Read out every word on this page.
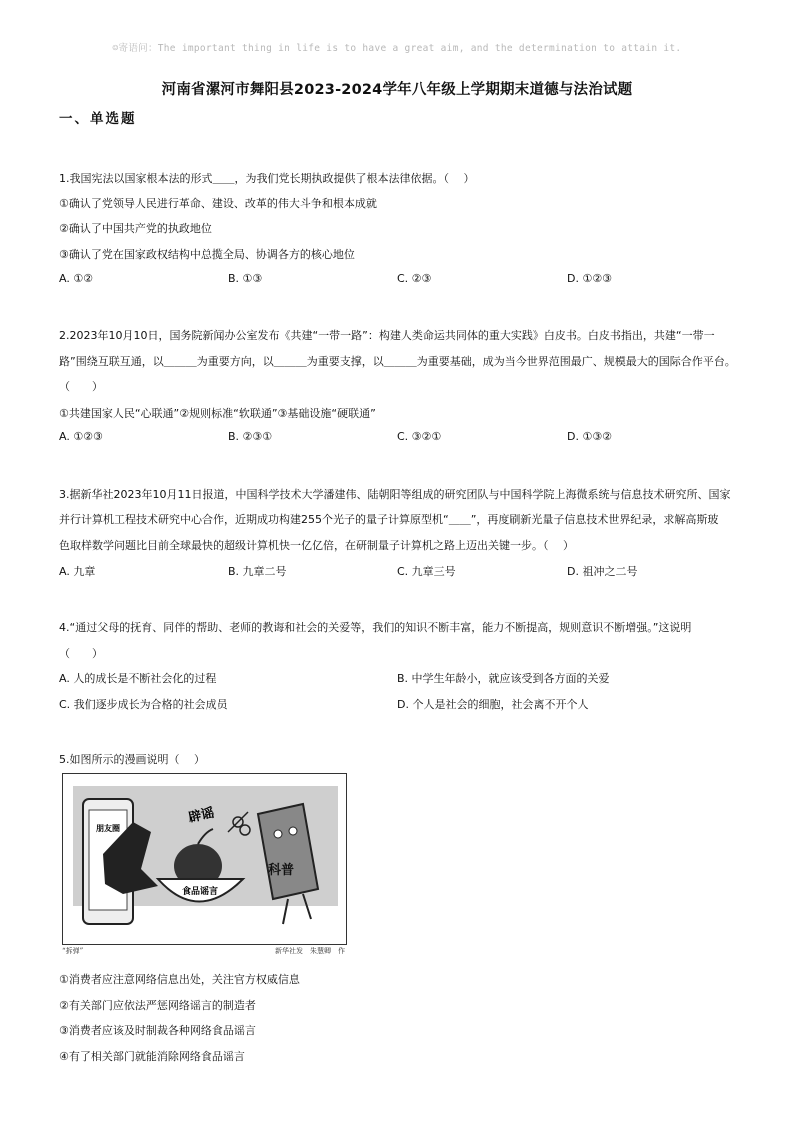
☺寄语问：The important thing in life is to have a great aim, and the determination to attain it.
河南省漯河市舞阳县2023-2024学年八年级上学期期末道德与法治试题
一、单选题
1.我国宪法以国家根本法的形式＿＿，为我们党长期执政提供了根本法律依据。（　 ）
①确认了党领导人民进行革命、建设、改革的伟大斗争和根本成就
②确认了中国共产党的执政地位
③确认了党在国家政权结构中总揽全局、协调各方的核心地位
A. ①②	B. ①③	C. ②③	D. ①②③
2.2023年10月10日，国务院新闻办公室发布《共建“一带一路”：构建人类命运共同体的重大实践》白皮书。白皮书指出，共建“一带一
路”围绕互联互通，以＿＿＿为重要方向，以＿＿＿为重要支撑，以＿＿＿为重要基础，成为当今世界范围最广、规模最大的国际合作平台。
（　　）
①共建国家人民“心联通”②规则标准“软联通”③基础设施“硬联通”
A. ①②③	B. ②③①	C. ③②①	D. ①③②
3.据新华社2023年10月11日报道，中国科学技术大学潘建伟、陆朝阳等组成的研究团队与中国科学院上海微系统与信息技术研究所、国家
并行计算机工程技术研究中心合作，近期成功构建255个光子的量子计算原型机“＿＿”，再度刷新光量子信息技术世界纪录，求解高斯玻
色取样数学问题比目前全球最快的超级计算机快一亿亿倍，在研制量子计算机之路上迈出关键一步。（　 ）
A. 九章	B. 九章二号	C. 九章三号	D. 祖冲之二号
4.“通过父母的抚育、同伴的帮助、老师的教诲和社会的关爱等，我们的知识不断丰富，能力不断提高，规则意识不断增强。”这说明
（　　）
A. 人的成长是不断社会化的过程	B. 中学生年龄小，就应该受到各方面的关爱
C. 我们逐步成长为合格的社会成员	D. 个人是社会的细胞，社会离不开个人
5.如图所示的漫画说明（　 ）
朋友圈
食品谣言
辟谣
科普
“拆弹”	新华社发　朱慧卿　作
①消费者应注意网络信息出处，关注官方权威信息
②有关部门应依法严惩网络谣言的制造者
③消费者应该及时制裁各种网络食品谣言
④有了相关部门就能消除网络食品谣言
